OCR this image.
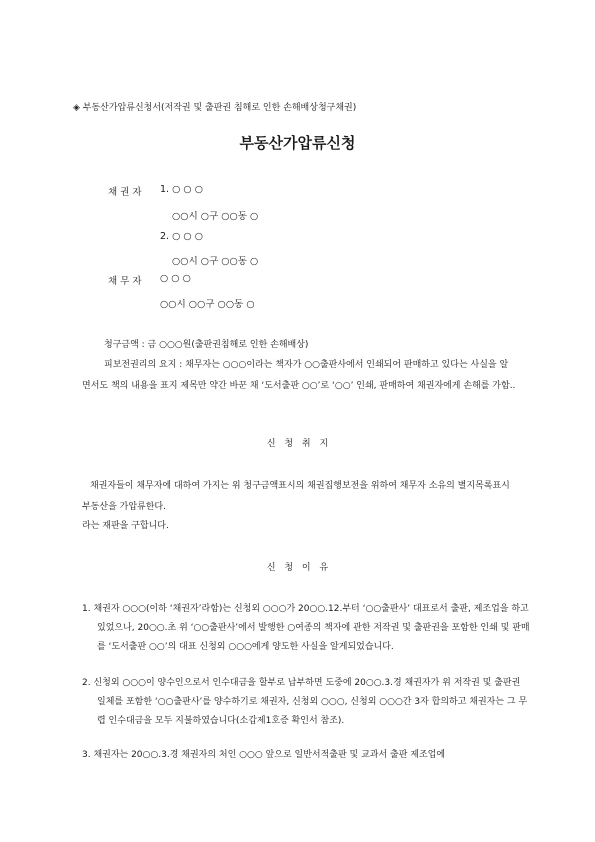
◈ 부동산가압류신청서(저작권 및 출판권 침해로 인한 손해배상청구채권)
부동산가압류신청
채 권 자 1. ○ ○ ○
○○시 ○구 ○○동 ○
2. ○ ○ ○
○○시 ○구 ○○동 ○
채 무 자 ○ ○ ○
○○시 ○○구 ○○동 ○
청구금액 : 금 ○○○원(출판권침해로 인한 손해배상)
피보전권리의 요지 : 채무자는 ○○○이라는 책자가 ○○출판사에서 인쇄되어 판매하고 있다는 사실을 알면서도 책의 내용을 표지 제목만 약간 바꾼 채 ‘도서출판 ○○’로 ‘○○’ 인쇄, 판매하여 채권자에게 손해를 가함..
신 청 취 지
채권자들이 채무자에 대하여 가지는 위 청구금액표시의 채권집행보전을 위하여 채무자 소유의 별지목록표시 부동산을 가압류한다.
라는 재판을 구합니다.
신 청 이 유
1. 채권자 ○○○(이하 ‘채권자’라함)는 신청외 ○○○가 20○○.12.부터 ‘○○출판사’ 대표로서 출판, 제조업을 하고 있었으나, 20○○.초 위 ‘○○출판사’에서 발행한 ○여종의 책자에 관한 저작권 및 출판권을 포함한 인쇄 및 판매를 ‘도서출판 ○○’의 대표 신청외 ○○○에게 양도한 사실을 알게되었습니다.
2. 신청외 ○○○이 양수인으로서 인수대금을 할부로 납부하면 도중에 20○○.3.경 채권자가 위 저작권 및 출판권 일체를 포함한 ‘○○출판사’를 양수하기로 채권자, 신청외 ○○○, 신청외 ○○○간 3자 합의하고 채권자는 그 무렵 인수대금을 모두 지불하였습니다(소갑제1호증 확인서 참조).
3. 채권자는 20○○.3.경 채권자의 처인 ○○○ 앞으로 일반서적출판 및 교과서 출판 제조업에
